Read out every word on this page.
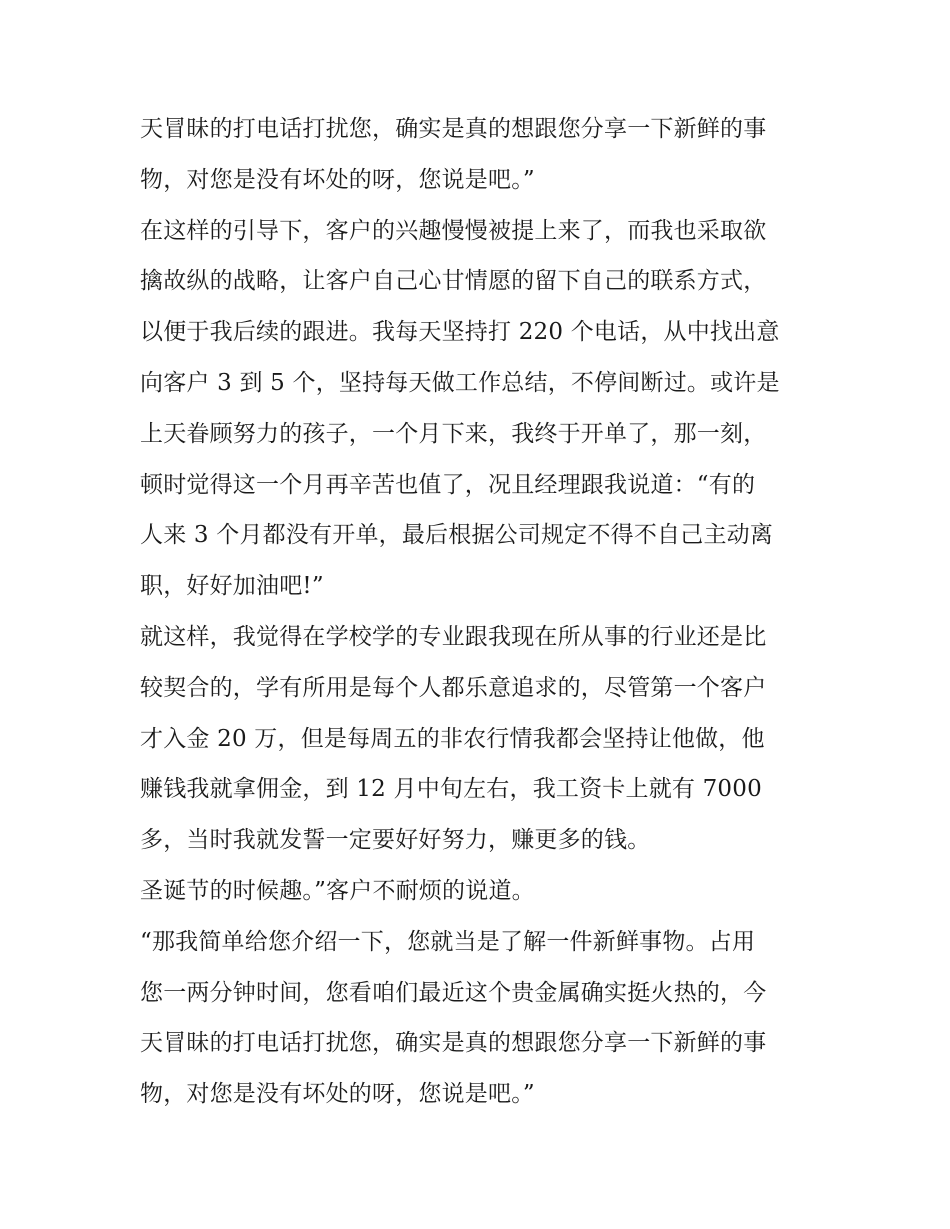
天冒昧的打电话打扰您，确实是真的想跟您分享一下新鲜的事
物，对您是没有坏处的呀，您说是吧。”
在这样的引导下，客户的兴趣慢慢被提上来了，而我也采取欲
擒故纵的战略，让客户自己心甘情愿的留下自己的联系方式，
以便于我后续的跟进。我每天坚持打 220 个电话，从中找出意
向客户 3 到 5 个，坚持每天做工作总结，不停间断过。或许是
上天眷顾努力的孩子，一个月下来，我终于开单了，那一刻，
顿时觉得这一个月再辛苦也值了，况且经理跟我说道：“有的
人来 3 个月都没有开单，最后根据公司规定不得不自己主动离
职，好好加油吧!”
就这样，我觉得在学校学的专业跟我现在所从事的行业还是比
较契合的，学有所用是每个人都乐意追求的，尽管第一个客户
才入金 20 万，但是每周五的非农行情我都会坚持让他做，他
赚钱我就拿佣金，到 12 月中旬左右，我工资卡上就有 7000
多，当时我就发誓一定要好好努力，赚更多的钱。
圣诞节的时候趣。”客户不耐烦的说道。
“那我简单给您介绍一下，您就当是了解一件新鲜事物。占用
您一两分钟时间，您看咱们最近这个贵金属确实挺火热的，今
天冒昧的打电话打扰您，确实是真的想跟您分享一下新鲜的事
物，对您是没有坏处的呀，您说是吧。”
